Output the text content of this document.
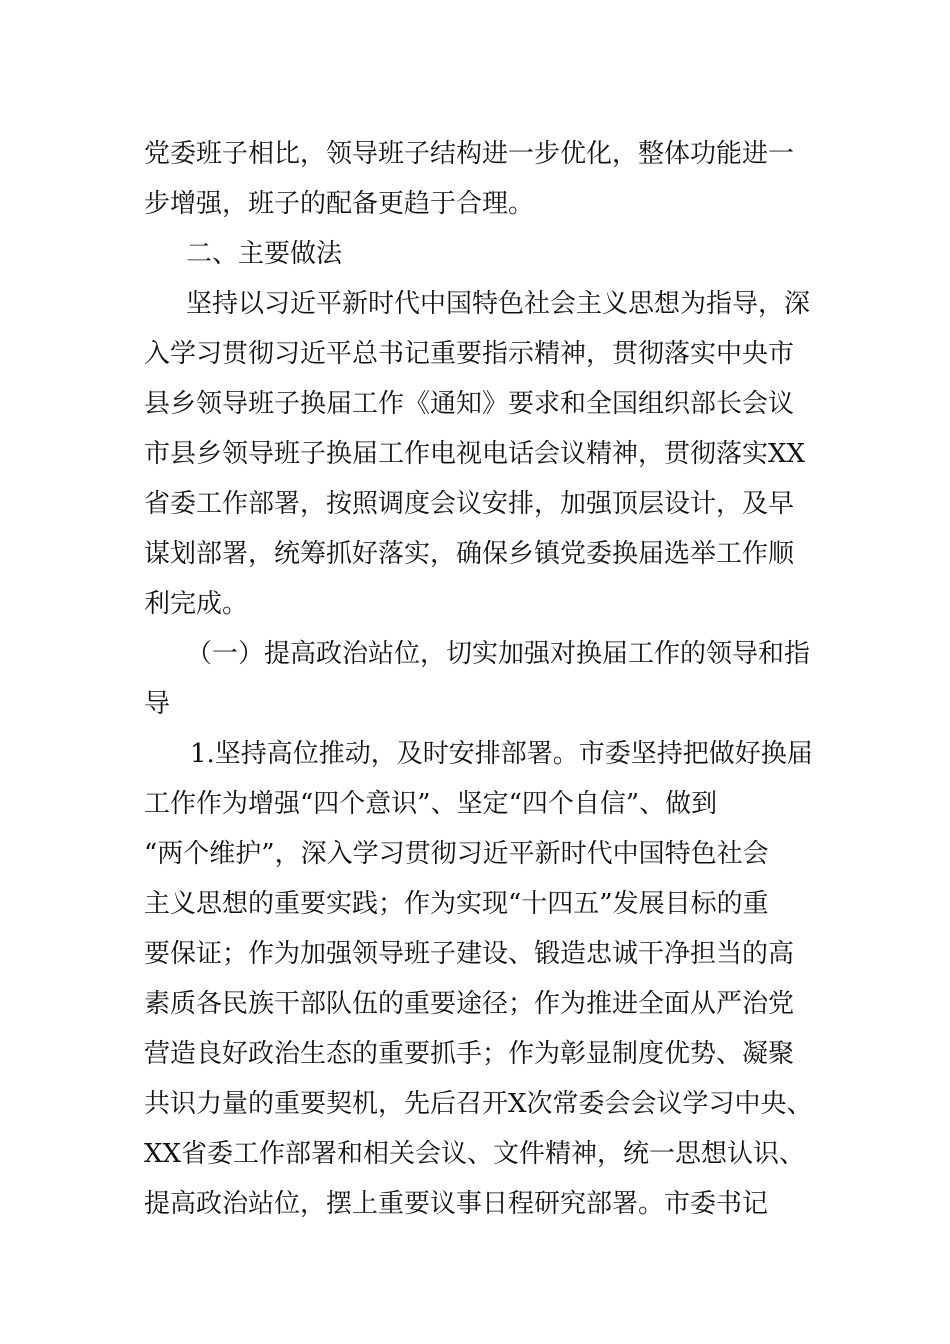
党委班子相比，领导班子结构进一步优化，整体功能进一
步增强，班子的配备更趋于合理。
二、主要做法
坚持以习近平新时代中国特色社会主义思想为指导，深
入学习贯彻习近平总书记重要指示精神，贯彻落实中央市
县乡领导班子换届工作《通知》要求和全国组织部长会议
市县乡领导班子换届工作电视电话会议精神，贯彻落实XX
省委工作部署，按照调度会议安排，加强顶层设计，及早
谋划部署，统筹抓好落实，确保乡镇党委换届选举工作顺
利完成。
（一）提高政治站位，切实加强对换届工作的领导和指
导
1.坚持高位推动，及时安排部署。市委坚持把做好换届
工作作为增强“四个意识”、坚定“四个自信”、做到
“两个维护”，深入学习贯彻习近平新时代中国特色社会
主义思想的重要实践；作为实现“十四五”发展目标的重
要保证；作为加强领导班子建设、锻造忠诚干净担当的高
素质各民族干部队伍的重要途径；作为推进全面从严治党
营造良好政治生态的重要抓手；作为彰显制度优势、凝聚
共识力量的重要契机，先后召开X次常委会会议学习中央、
XX省委工作部署和相关会议、文件精神，统一思想认识、
提高政治站位，摆上重要议事日程研究部署。市委书记
